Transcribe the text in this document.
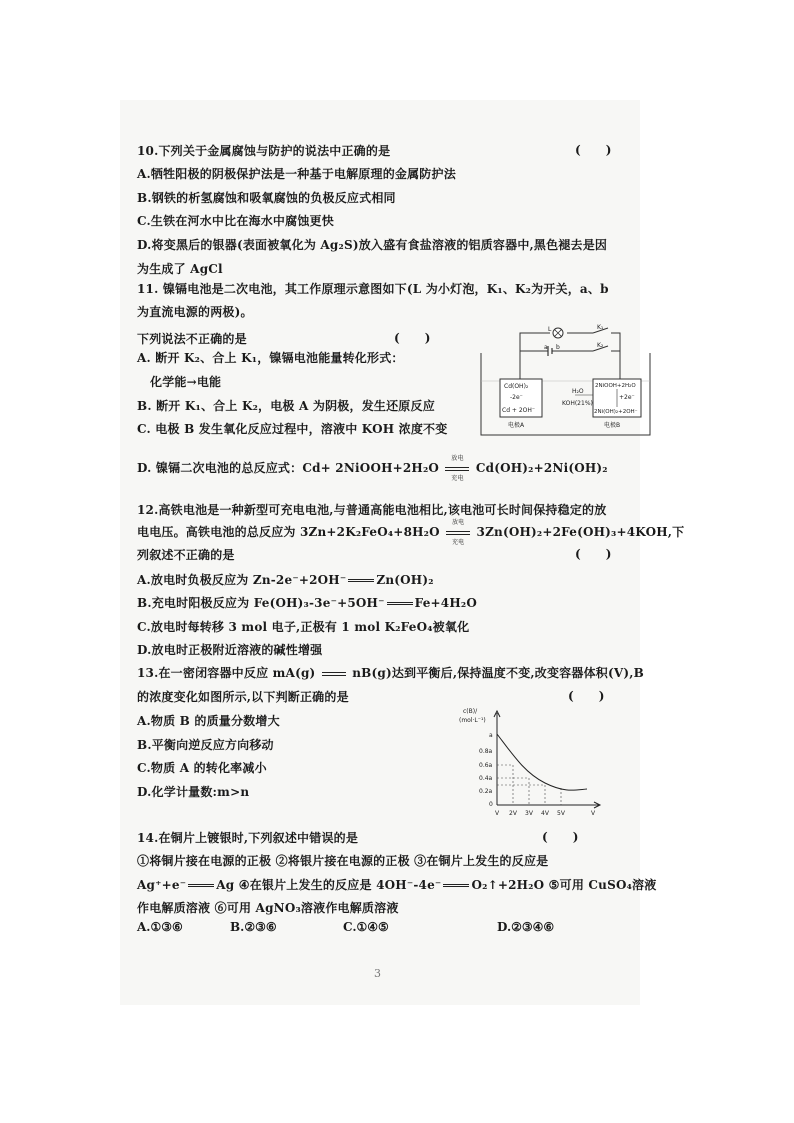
10.下列关于金属腐蚀与防护的说法中正确的是	(      )
A.牺牲阳极的阴极保护法是一种基于电解原理的金属防护法
B.钢铁的析氢腐蚀和吸氧腐蚀的负极反应式相同
C.生铁在河水中比在海水中腐蚀更快
D.将变黑后的银器(表面被氧化为 Ag₂S)放入盛有食盐溶液的铝质容器中,黑色褪去是因
为生成了 AgCl
11. 镍镉电池是二次电池，其工作原理示意图如下(L 为小灯泡，K₁、K₂为开关，a、b
为直流电源的两极)。
下列说法不正确的是	(      )
A. 断开 K₂、合上 K₁，镍镉电池能量转化形式：
化学能→电能
B. 断开 K₁、合上 K₂，电极 A 为阴极，发生还原反应
C. 电极 B 发生氧化反应过程中，溶液中 KOH 浓度不变
D. 镍镉二次电池的总反应式：Cd+ 2NiOOH+2H₂O
放电
充电
Cd(OH)₂+2Ni(OH)₂
L	K₁
K₂
a b
Cd(OH)₂
-2e⁻
Cd + 2OH⁻
H₂O
KOH(21%)
2NiOOH+2H₂O
+2e⁻
2Ni(OH)₂+2OH⁻
电极A	电极B
12.高铁电池是一种新型可充电电池,与普通高能电池相比,该电池可长时间保持稳定的放
电电压。高铁电池的总反应为 3Zn+2K₂FeO₄+8H₂O
放电
充电
3Zn(OH)₂+2Fe(OH)₃+4KOH,下
列叙述不正确的是	(      )
A.放电时负极反应为 Zn-2e⁻+2OH⁻	Zn(OH)₂
B.充电时阳极反应为 Fe(OH)₃-3e⁻+5OH⁻	Fe+4H₂O
C.放电时每转移 3 mol 电子,正极有 1 mol K₂FeO₄被氧化
D.放电时正极附近溶液的碱性增强
13.在一密闭容器中反应 mA(g)	nB(g)达到平衡后,保持温度不变,改变容器体积(V),B
的浓度变化如图所示,以下判断正确的是	(      )
A.物质 B 的质量分数增大
B.平衡向逆反应方向移动
C.物质 A 的转化率减小
D.化学计量数:m>n
c(B)/
(mol·L⁻¹)
a
0.8a
0.6a
0.4a
0.2a
0
V 2V 3V 4V 5V	V
14.在铜片上镀银时,下列叙述中错误的是	(      )
①将铜片接在电源的正极 ②将银片接在电源的正极 ③在铜片上发生的反应是
Ag⁺+e⁻	Ag ④在银片上发生的反应是 4OH⁻-4e⁻	O₂↑+2H₂O ⑤可用 CuSO₄溶液
作电解质溶液 ⑥可用 AgNO₃溶液作电解质溶液
A.①③⑥	B.②③⑥	C.①④⑤	D.②③④⑥
3
